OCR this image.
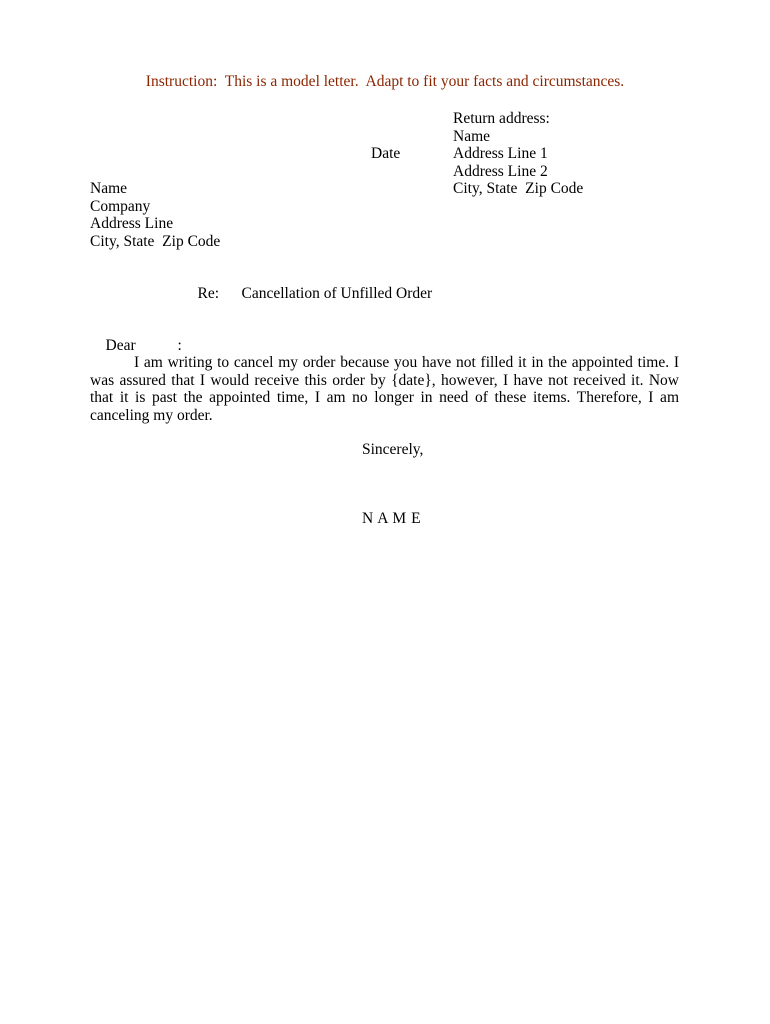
Instruction:  This is a model letter.  Adapt to fit your facts and circumstances.
Return address:
Name
Address Line 1
Address Line 2
City, State  Zip Code
Date
Name
Company
Address Line
City, State  Zip Code

Re: Cancellation of Unfilled Order

Dear	:

I am writing to cancel my order because you have not filled it in the appointed time. I was assured that I would receive this order by {date}, however, I have not received it. Now that it is past the appointed time, I am no longer in need of these items. Therefore, I am canceling my order.
Sincerely,
N A M E
